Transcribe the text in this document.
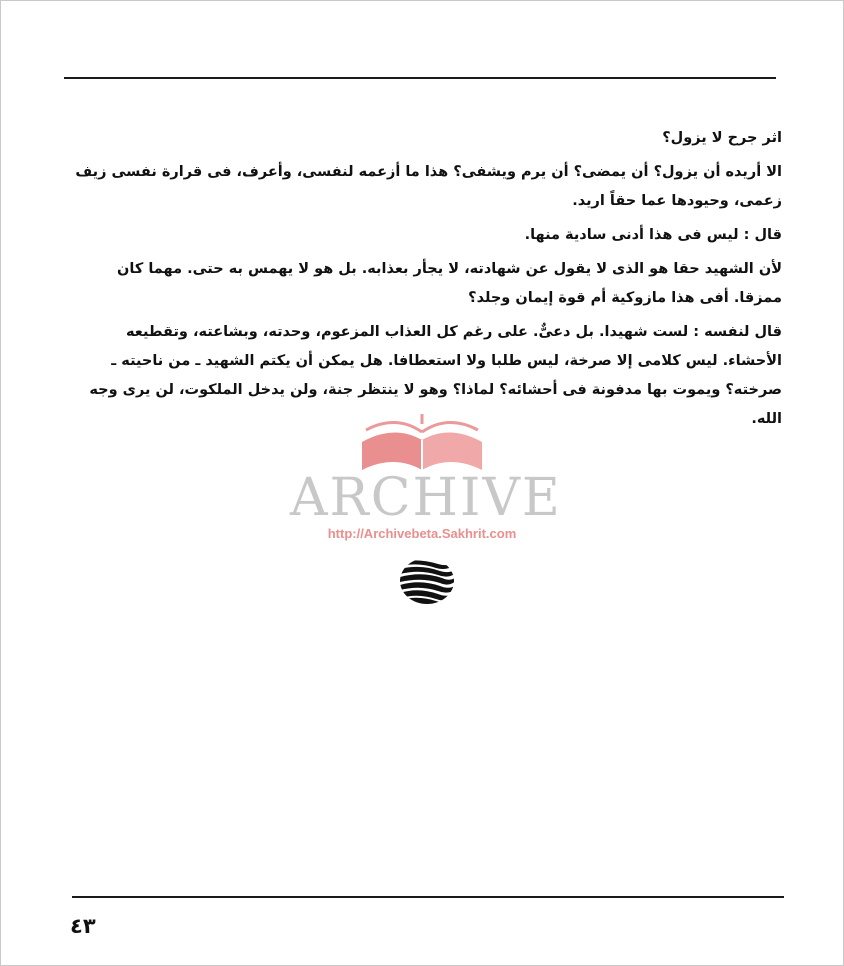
اثر جرح لا يزول؟

الا أريده أن يزول؟ أن يمضى؟ أن يرم ويشفى؟ هذا ما أزعمه لنفسى، وأعرف، فى قرارة نفسى زيف زعمى، وحيودها عما حقاً اريد.

قال : ليس فى هذا أدنى سادية منها.

لأن الشهيد حقا هو الذى لا يقول عن شهادته، لا يجأر بعذابه. بل هو لا يهمس به حتى. مهما كان ممزقا. أفى هذا مازوكية أم قوة إيمان وجلد؟

قال لنفسه : لست شهيدا. بل دعىٌّ. على رغم كل العذاب المزعوم، وحدته، وبشاعته، وتقطيعه الأحشاء. ليس كلامى إلا صرخة، ليس طلبا ولا استعطافا. هل يمكن أن يكتم الشهيد ـ من ناحيته ـ صرخته؟ ويموت بها مدفونة فى أحشائه؟ لماذا؟ وهو لا ينتظر جنة، ولن يدخل الملكوت، لن يرى وجه الله.

ARCHIVE
http://Archivebeta.Sakhrit.com
٤٣
